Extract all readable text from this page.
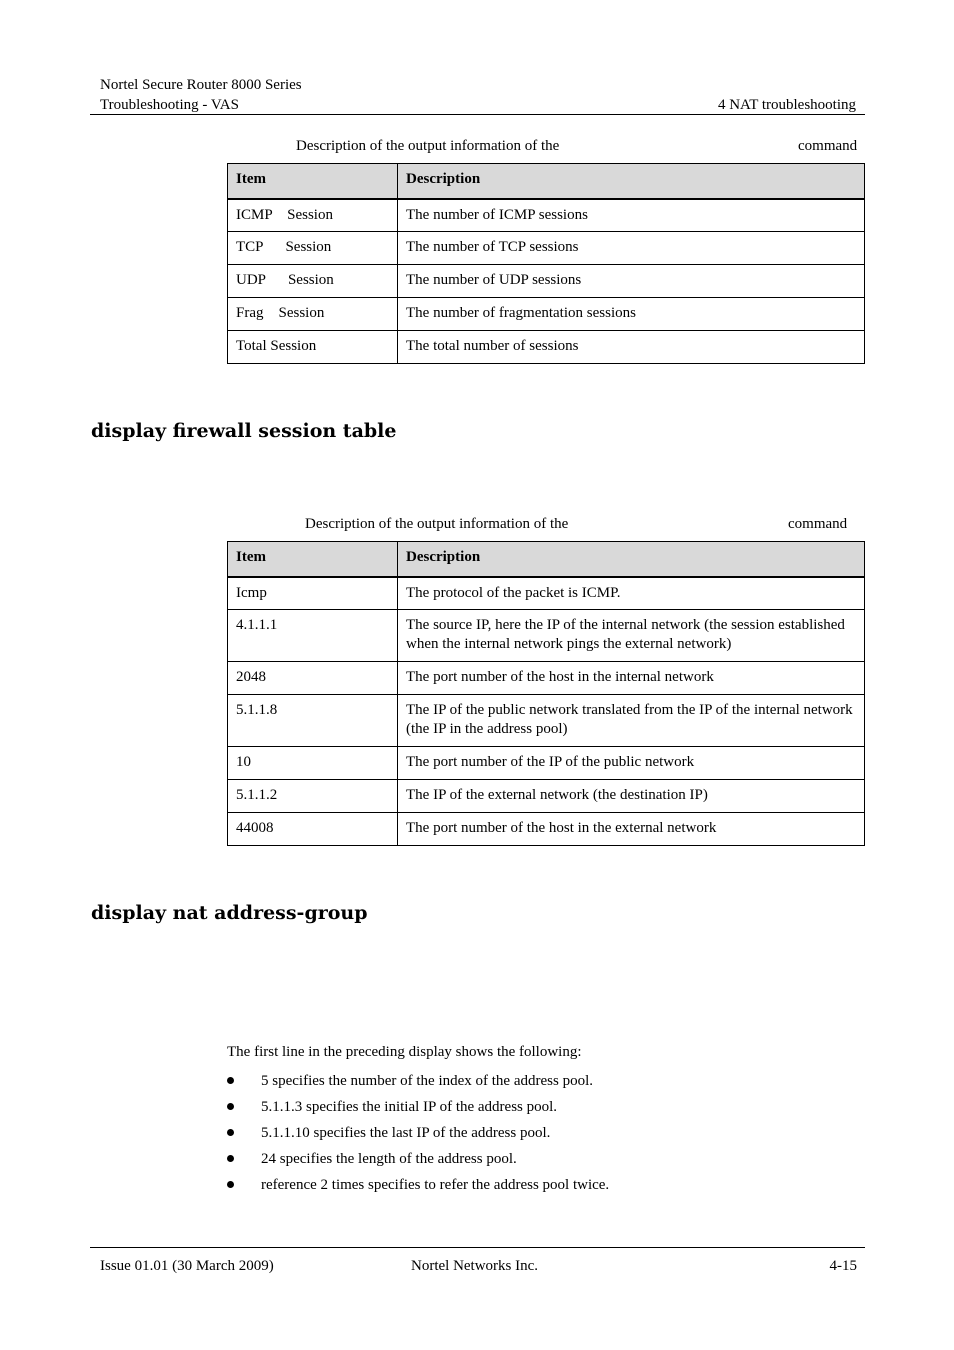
Nortel Secure Router 8000 Series
Troubleshooting - VAS	4 NAT troubleshooting
Description of the output information of the	command
Item	Description
ICMP    Session	The number of ICMP sessions
TCP      Session	The number of TCP sessions
UDP      Session	The number of UDP sessions
Frag    Session	The number of fragmentation sessions
Total Session	The total number of sessions
display firewall session table
Description of the output information of the	command
Item	Description
Icmp	The protocol of the packet is ICMP.
4.1.1.1	The source IP, here the IP of the internal network (the session established when the internal network pings the external network)
2048	The port number of the host in the internal network
5.1.1.8	The IP of the public network translated from the IP of the internal network (the IP in the address pool)
10	The port number of the IP of the public network
5.1.1.2	The IP of the external network (the destination IP)
44008	The port number of the host in the external network
display nat address-group
The first line in the preceding display shows the following:
5 specifies the number of the index of the address pool.
5.1.1.3 specifies the initial IP of the address pool.
5.1.1.10 specifies the last IP of the address pool.
24 specifies the length of the address pool.
reference 2 times specifies to refer the address pool twice.
Issue 01.01 (30 March 2009)	Nortel Networks Inc.	4-15
